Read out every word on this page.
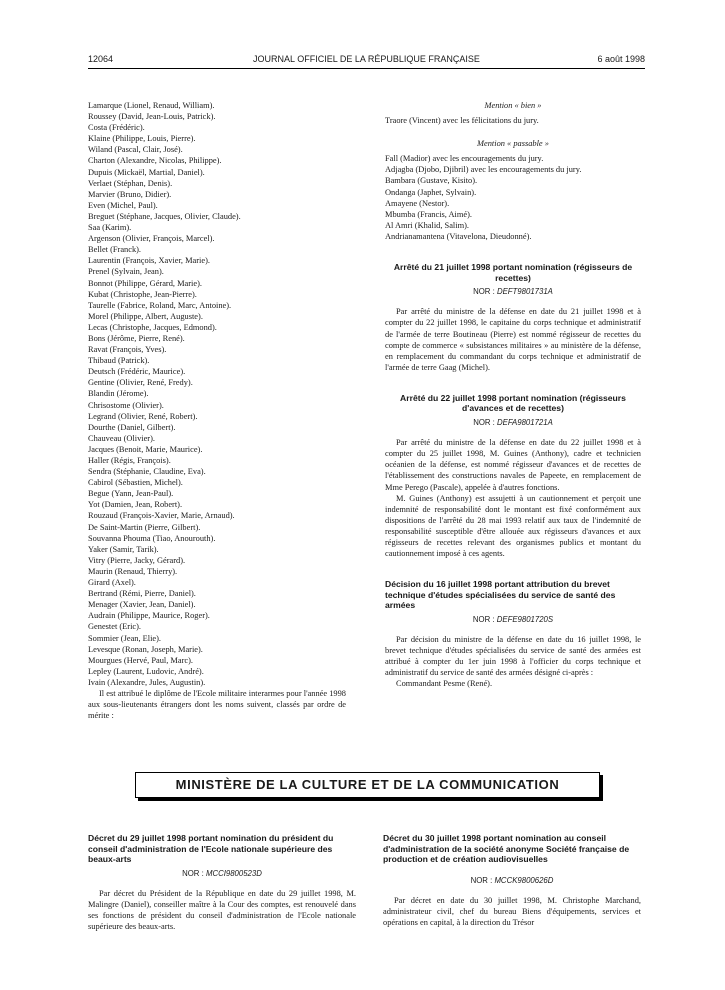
12064	JOURNAL OFFICIEL DE LA RÉPUBLIQUE FRANÇAISE	6 août 1998
Lamarque (Lionel, Renaud, William).
Roussey (David, Jean-Louis, Patrick).
Costa (Frédéric).
Klaine (Philippe, Louis, Pierre).
Wiland (Pascal, Clair, José).
Charton (Alexandre, Nicolas, Philippe).
Dupuis (Mickaël, Martial, Daniel).
Verlaet (Stéphan, Denis).
Marvier (Bruno, Didier).
Even (Michel, Paul).
Breguet (Stéphane, Jacques, Olivier, Claude).
Saa (Karim).
Argenson (Olivier, François, Marcel).
Bellet (Franck).
Laurentin (François, Xavier, Marie).
Prenel (Sylvain, Jean).
Bonnot (Philippe, Gérard, Marie).
Kubat (Christophe, Jean-Pierre).
Taurelle (Fabrice, Roland, Marc, Antoine).
Morel (Philippe, Albert, Auguste).
Lecas (Christophe, Jacques, Edmond).
Bons (Jérôme, Pierre, René).
Ravat (François, Yves).
Thibaud (Patrick).
Deutsch (Frédéric, Maurice).
Gentine (Olivier, René, Fredy).
Blandin (Jérome).
Chrisostome (Olivier).
Legrand (Olivier, René, Robert).
Dourthe (Daniel, Gilbert).
Chauveau (Olivier).
Jacques (Benoit, Marie, Maurice).
Haller (Régis, François).
Sendra (Stéphanie, Claudine, Eva).
Cabirol (Sébastien, Michel).
Begue (Yann, Jean-Paul).
Yot (Damien, Jean, Robert).
Rouzaud (François-Xavier, Marie, Arnaud).
De Saint-Martin (Pierre, Gilbert).
Souvanna Phouma (Tiao, Anourouth).
Yaker (Samir, Tarik).
Vitry (Pierre, Jacky, Gérard).
Maurin (Renaud, Thierry).
Girard (Axel).
Bertrand (Rémi, Pierre, Daniel).
Menager (Xavier, Jean, Daniel).
Audrain (Philippe, Maurice, Roger).
Genestet (Eric).
Sommier (Jean, Elie).
Levesque (Ronan, Joseph, Marie).
Mourgues (Hervé, Paul, Marc).
Lepley (Laurent, Ludovic, André).
Ivain (Alexandre, Jules, Augustin).
Il est attribué le diplôme de l'Ecole militaire interarmes pour l'année 1998 aux sous-lieutenants étrangers dont les noms suivent, classés par ordre de mérite :
Mention « bien »
Traore (Vincent) avec les félicitations du jury.
Mention « passable »
Fall (Madior) avec les encouragements du jury.
Adjagba (Djobo, Djibril) avec les encouragements du jury.
Bambara (Gustave, Kisito).
Ondanga (Japhet, Sylvain).
Amayene (Nestor).
Mbumba (Francis, Aimé).
Al Amri (Khalid, Salim).
Andrianamantena (Vitavelona, Dieudonné).
Arrêté du 21 juillet 1998 portant nomination (régisseurs de recettes)
NOR : DEFT9801731A
Par arrêté du ministre de la défense en date du 21 juillet 1998 et à compter du 22 juillet 1998, le capitaine du corps technique et administratif de l'armée de terre Boutineau (Pierre) est nommé régisseur de recettes du compte de commerce « subsistances militaires » au ministère de la défense, en remplacement du commandant du corps technique et administratif de l'armée de terre Gaag (Michel).
Arrêté du 22 juillet 1998 portant nomination (régisseurs d'avances et de recettes)
NOR : DEFA9801721A
Par arrêté du ministre de la défense en date du 22 juillet 1998 et à compter du 25 juillet 1998, M. Guines (Anthony), cadre et technicien océanien de la défense, est nommé régisseur d'avances et de recettes de l'établissement des constructions navales de Papeete, en remplacement de Mme Perego (Pascale), appelée à d'autres fonctions.
M. Guines (Anthony) est assujetti à un cautionnement et perçoit une indemnité de responsabilité dont le montant est fixé conformément aux dispositions de l'arrêté du 28 mai 1993 relatif aux taux de l'indemnité de responsabilité susceptible d'être allouée aux régisseurs d'avances et aux régisseurs de recettes relevant des organismes publics et montant du cautionnement imposé à ces agents.
Décision du 16 juillet 1998 portant attribution du brevet technique d'études spécialisées du service de santé des armées
NOR : DEFE9801720S
Par décision du ministre de la défense en date du 16 juillet 1998, le brevet technique d'études spécialisées du service de santé des armées est attribué à compter du 1er juin 1998 à l'officier du corps technique et administratif du service de santé des armées désigné ci-après :
Commandant Pesme (René).
MINISTÈRE DE LA CULTURE ET DE LA COMMUNICATION
Décret du 29 juillet 1998 portant nomination du président du conseil d'administration de l'Ecole nationale supérieure des beaux-arts
NOR : MCCI9800523D
Par décret du Président de la République en date du 29 juillet 1998, M. Malingre (Daniel), conseiller maître à la Cour des comptes, est renouvelé dans ses fonctions de président du conseil d'administration de l'Ecole nationale supérieure des beaux-arts.
Décret du 30 juillet 1998 portant nomination au conseil d'administration de la société anonyme Société française de production et de création audiovisuelles
NOR : MCCK9800626D
Par décret en date du 30 juillet 1998, M. Christophe Marchand, administrateur civil, chef du bureau Biens d'équipements, services et opérations en capital, à la direction du Trésor
